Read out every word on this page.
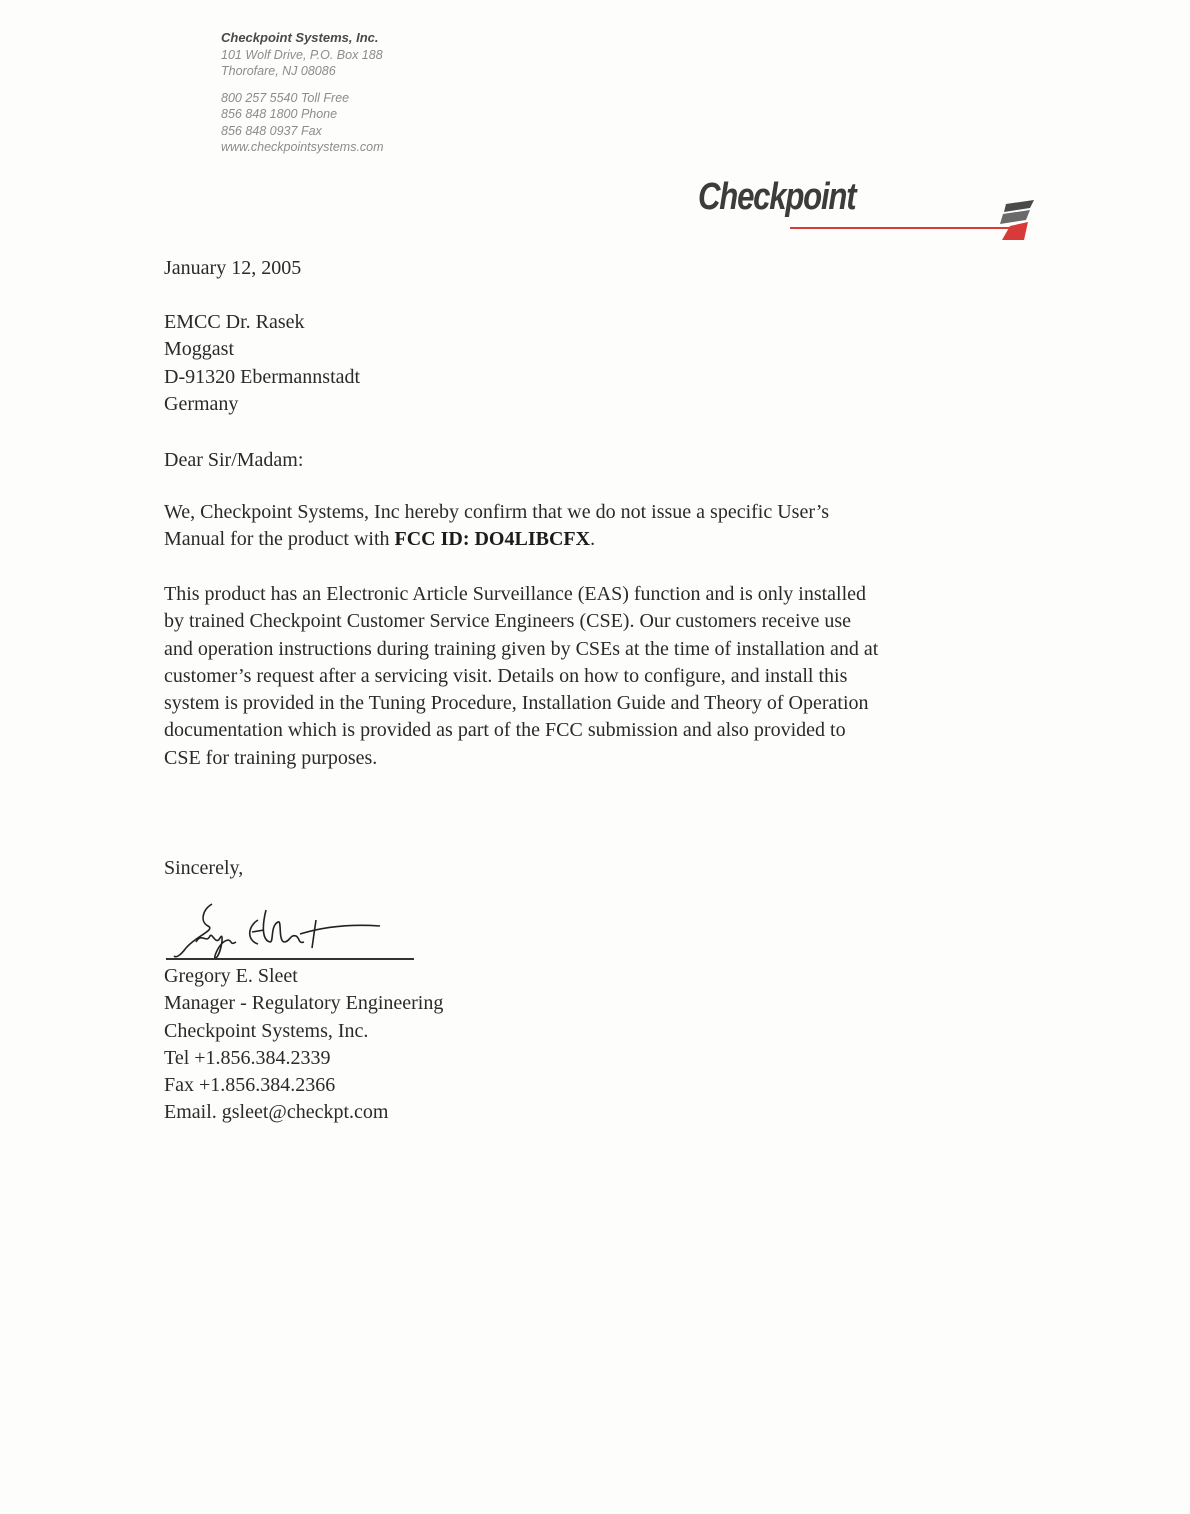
Checkpoint Systems, Inc.
101 Wolf Drive, P.O. Box 188
Thorofare, NJ 08086
800 257 5540 Toll Free
856 848 1800 Phone
856 848 0937 Fax
www.checkpointsystems.com
Checkpoint
January 12, 2005
EMCC Dr. Rasek
Moggast
D-91320 Ebermannstadt
Germany
Dear Sir/Madam:
We, Checkpoint Systems, Inc hereby confirm that we do not issue a specific User’s
Manual for the product with FCC ID: DO4LIBCFX.
This product has an Electronic Article Surveillance (EAS) function and is only installed
by trained Checkpoint Customer Service Engineers (CSE). Our customers receive use
and operation instructions during training given by CSEs at the time of installation and at
customer’s request after a servicing visit. Details on how to configure, and install this
system is provided in the Tuning Procedure, Installation Guide and Theory of Operation
documentation which is provided as part of the FCC submission and also provided to
CSE for training purposes.
Sincerely,
Gregory E. Sleet
Manager - Regulatory Engineering
Checkpoint Systems, Inc.
Tel +1.856.384.2339
Fax +1.856.384.2366
Email. gsleet@checkpt.com
